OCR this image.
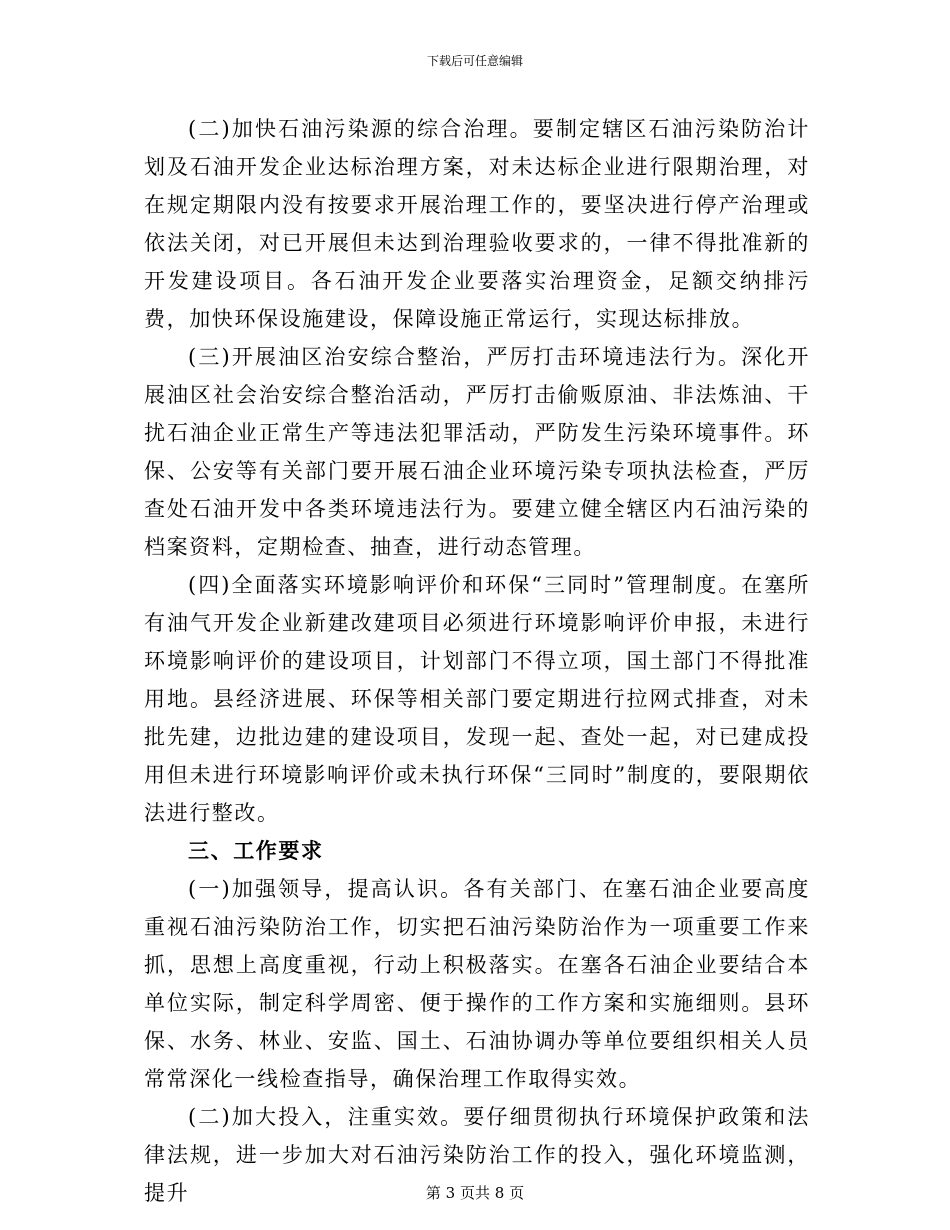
下载后可任意编辑

(二)加快石油污染源的综合治理。要制定辖区石油污染防治计划及石油开发企业达标治理方案，对未达标企业进行限期治理，对在规定期限内没有按要求开展治理工作的，要坚决进行停产治理或依法关闭，对已开展但未达到治理验收要求的，一律不得批准新的开发建设项目。各石油开发企业要落实治理资金，足额交纳排污费，加快环保设施建设，保障设施正常运行，实现达标排放。

(三)开展油区治安综合整治，严厉打击环境违法行为。深化开展油区社会治安综合整治活动，严厉打击偷贩原油、非法炼油、干扰石油企业正常生产等违法犯罪活动，严防发生污染环境事件。环保、公安等有关部门要开展石油企业环境污染专项执法检查，严厉查处石油开发中各类环境违法行为。要建立健全辖区内石油污染的档案资料，定期检查、抽查，进行动态管理。

(四)全面落实环境影响评价和环保“三同时”管理制度。在塞所有油气开发企业新建改建项目必须进行环境影响评价申报，未进行环境影响评价的建设项目，计划部门不得立项，国土部门不得批准用地。县经济进展、环保等相关部门要定期进行拉网式排查，对未批先建，边批边建的建设项目，发现一起、查处一起，对已建成投用但未进行环境影响评价或未执行环保“三同时”制度的，要限期依法进行整改。

三、工作要求

(一)加强领导，提高认识。各有关部门、在塞石油企业要高度重视石油污染防治工作，切实把石油污染防治作为一项重要工作来抓，思想上高度重视，行动上积极落实。在塞各石油企业要结合本单位实际，制定科学周密、便于操作的工作方案和实施细则。县环保、水务、林业、安监、国土、石油协调办等单位要组织相关人员常常深化一线检查指导，确保治理工作取得实效。

(二)加大投入，注重实效。要仔细贯彻执行环境保护政策和法律法规，进一步加大对石油污染防治工作的投入，强化环境监测，提升	第 3 页共 8 页
